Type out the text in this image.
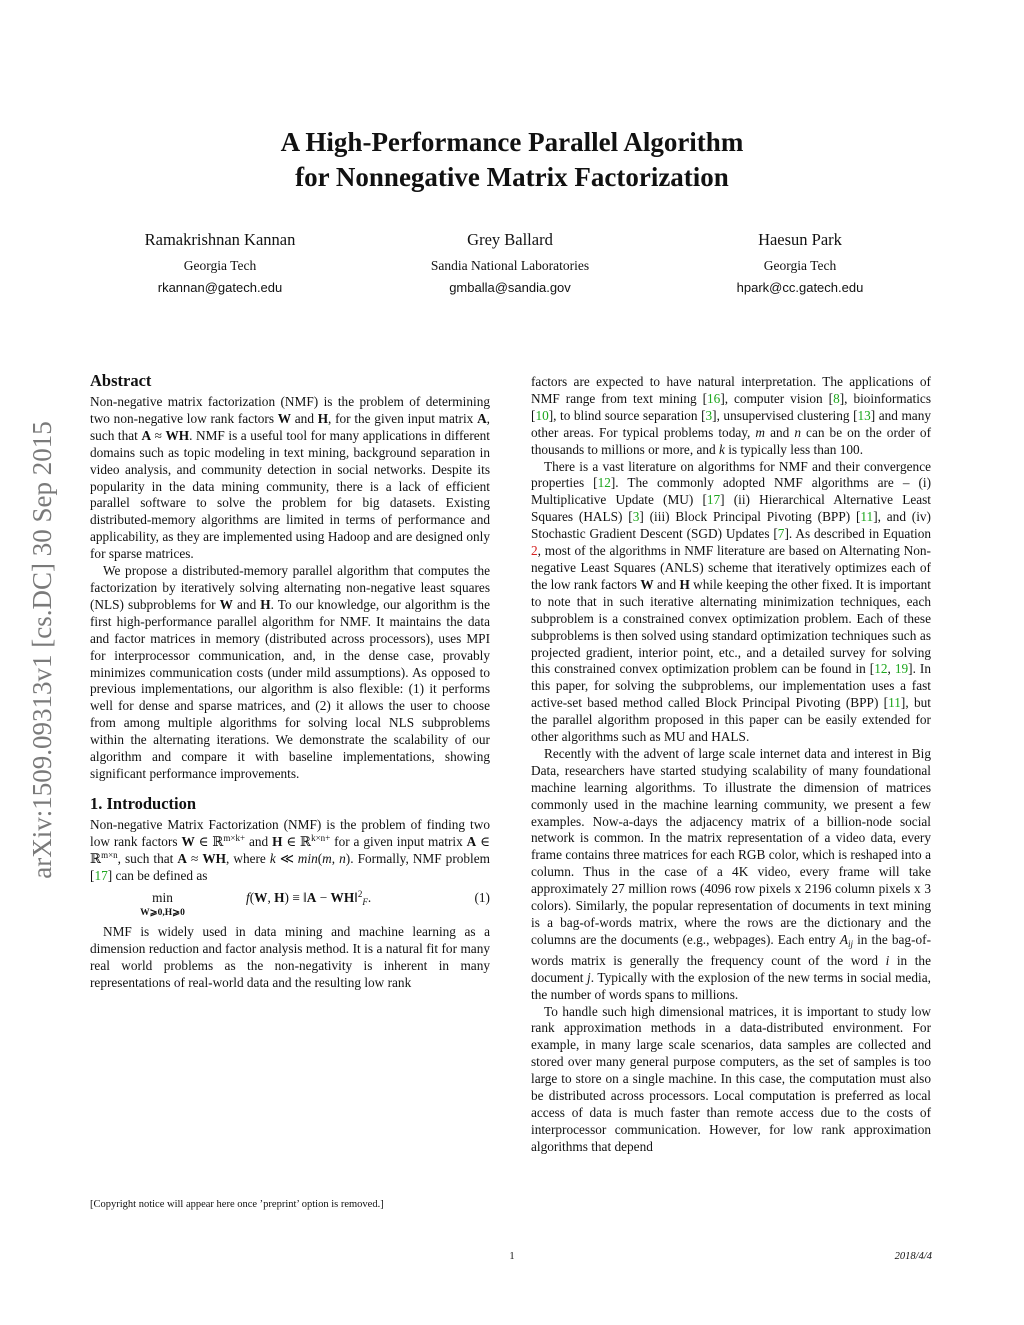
A High-Performance Parallel Algorithm
for Nonnegative Matrix Factorization
Ramakrishnan Kannan
Georgia Tech
rkannan@gatech.edu
Grey Ballard
Sandia National Laboratories
gmballa@sandia.gov
Haesun Park
Georgia Tech
hpark@cc.gatech.edu
arXiv:1509.09313v1 [cs.DC] 30 Sep 2015
Abstract

Non-negative matrix factorization (NMF) is the problem of determining two non-negative low rank factors W and H, for the given input matrix A, such that A ≈ WH. NMF is a useful tool for many applications in different domains such as topic modeling in text mining, background separation in video analysis, and community detection in social networks. Despite its popularity in the data mining community, there is a lack of efficient parallel software to solve the problem for big datasets. Existing distributed-memory algorithms are limited in terms of performance and applicability, as they are implemented using Hadoop and are designed only for sparse matrices.

We propose a distributed-memory parallel algorithm that computes the factorization by iteratively solving alternating non-negative least squares (NLS) subproblems for W and H. To our knowledge, our algorithm is the first high-performance parallel algorithm for NMF. It maintains the data and factor matrices in memory (distributed across processors), uses MPI for interprocessor communication, and, in the dense case, provably minimizes communication costs (under mild assumptions). As opposed to previous implementations, our algorithm is also flexible: (1) it performs well for dense and sparse matrices, and (2) it allows the user to choose from among multiple algorithms for solving local NLS subproblems within the alternating iterations. We demonstrate the scalability of our algorithm and compare it with baseline implementations, showing significant performance improvements.

1. Introduction

Non-negative Matrix Factorization (NMF) is the problem of finding two low rank factors W ∈ ℝ$^{m\times k+}$ and H ∈ ℝ$^{k\times n+}$ for a given input matrix A ∈ ℝ$^{m\times n}$, such that A ≈ WH, where k ≪ min(m, n). Formally, NMF problem [17] can be defined as

min
W⩾0,H⩾0
f(W, H) ≡ ‖A − WH‖$^2_F$.	(1)

NMF is widely used in data mining and machine learning as a dimension reduction and factor analysis method. It is a natural fit for many real world problems as the non-negativity is inherent in many representations of real-world data and the resulting low rank

factors are expected to have natural interpretation. The applications of NMF range from text mining [16], computer vision [8], bioinformatics [10], to blind source separation [3], unsupervised clustering [13] and many other areas. For typical problems today, m and n can be on the order of thousands to millions or more, and k is typically less than 100.

There is a vast literature on algorithms for NMF and their convergence properties [12]. The commonly adopted NMF algorithms are – (i) Multiplicative Update (MU) [17] (ii) Hierarchical Alternative Least Squares (HALS) [3] (iii) Block Principal Pivoting (BPP) [11], and (iv) Stochastic Gradient Descent (SGD) Updates [7]. As described in Equation 2, most of the algorithms in NMF literature are based on Alternating Non-negative Least Squares (ANLS) scheme that iteratively optimizes each of the low rank factors W and H while keeping the other fixed. It is important to note that in such iterative alternating minimization techniques, each subproblem is a constrained convex optimization problem. Each of these subproblems is then solved using standard optimization techniques such as projected gradient, interior point, etc., and a detailed survey for solving this constrained convex optimization problem can be found in [12, 19]. In this paper, for solving the subproblems, our implementation uses a fast active-set based method called Block Principal Pivoting (BPP) [11], but the parallel algorithm proposed in this paper can be easily extended for other algorithms such as MU and HALS.

Recently with the advent of large scale internet data and interest in Big Data, researchers have started studying scalability of many foundational machine learning algorithms. To illustrate the dimension of matrices commonly used in the machine learning community, we present a few examples. Now-a-days the adjacency matrix of a billion-node social network is common. In the matrix representation of a video data, every frame contains three matrices for each RGB color, which is reshaped into a column. Thus in the case of a 4K video, every frame will take approximately 27 million rows (4096 row pixels x 2196 column pixels x 3 colors). Similarly, the popular representation of documents in text mining is a bag-of-words matrix, where the rows are the dictionary and the columns are the documents (e.g., webpages). Each entry $A_{ij}$ in the bag-of-words matrix is generally the frequency count of the word i in the document j. Typically with the explosion of the new terms in social media, the number of words spans to millions.

To handle such high dimensional matrices, it is important to study low rank approximation methods in a data-distributed environment. For example, in many large scale scenarios, data samples are collected and stored over many general purpose computers, as the set of samples is too large to store on a single machine. In this case, the computation must also be distributed across processors. Local computation is preferred as local access of data is much faster than remote access due to the costs of interprocessor communication. However, for low rank approximation algorithms that depend

[Copyright notice will appear here once ’preprint’ option is removed.]
1	2018/4/4
